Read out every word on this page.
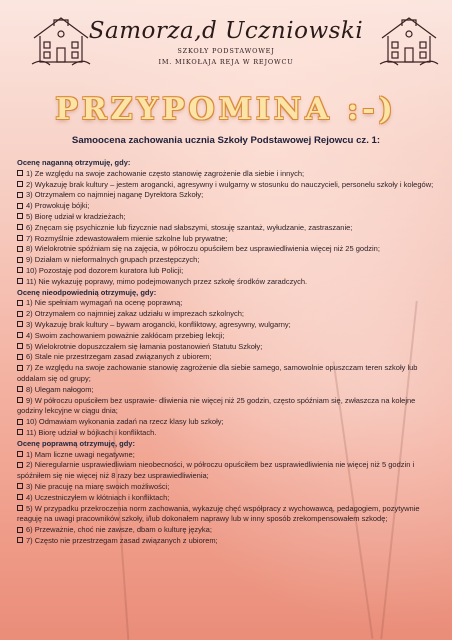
Samorza,d Uczniowski
SZKOŁY PODSTAWOWEJ
IM. MIKOŁAJA REJA W REJOWCU
PRZYPOMINA :-)
Samoocena zachowania ucznia Szkoły Podstawowej Rejowcu cz. 1:
Ocenę naganną otrzymuję, gdy:
1) Ze względu na swoje zachowanie często stanowię zagrożenie dla siebie i innych;
2) Wykazuję brak kultury – jestem arogancki, agresywny i wulgarny w stosunku do nauczycieli, personelu szkoły i kolegów;
3) Otrzymałem co najmniej naganę Dyrektora Szkoły;
4) Prowokuję bójki;
5) Biorę udział w kradzieżach;
6) Znęcam się psychicznie lub fizycznie nad słabszymi, stosuję szantaż, wyłudzanie, zastraszanie;
7) Rozmyślnie zdewastowałem mienie szkolne lub prywatne;
8) Wielokrotnie spóźniam się na zajęcia, w półroczu opuściłem bez usprawiedliwienia więcej niż 25 godzin;
9) Działam w nieformalnych grupach przestępczych;
10) Pozostaję pod dozorem kuratora lub Policji;
11) Nie wykazuję poprawy, mimo podejmowanych przez szkołę środków zaradczych.
Ocenę nieodpowiednią otrzymuję, gdy:
1) Nie spełniam wymagań na ocenę poprawną;
2) Otrzymałem co najmniej zakaz udziału w imprezach szkolnych;
3) Wykazuję brak kultury – bywam arogancki, konfliktowy, agresywny, wulgarny;
4) Swoim zachowaniem poważnie zakłócam przebieg lekcji;
5) Wielokrotnie dopuszczałem się łamania postanowień Statutu Szkoły;
6) Stale nie przestrzegam zasad związanych z ubiorem;
7) Ze względu na swoje zachowanie stanowię zagrożenie dla siebie samego, samowolnie opuszczam teren szkoły lub oddalam się od grupy;
8) Ulegam nałogom;
9) W półroczu opuściłem bez usprawie- dliwienia nie więcej niż 25 godzin, często spóźniam się, zwłaszcza na kolejne godziny lekcyjne w ciągu dnia;
10) Odmawiam wykonania zadań na rzecz klasy lub szkoły;
11) Biorę udział w bójkach i konfliktach.
Ocenę poprawną otrzymuję, gdy:
1) Mam liczne uwagi negatywne;
2) Nieregularnie usprawiedliwiam nieobecności, w półroczu opuściłem bez usprawiedliwienia nie więcej niż 5 godzin i spóźniłem się nie więcej niż 8 razy bez usprawiedliwienia;
3) Nie pracuję na miarę swoich możliwości;
4) Uczestniczyłem w kłótniach i konfliktach;
5) W przypadku przekroczenia norm zachowania, wykazuję chęć współpracy z wychowawcą, pedagogiem, pozytywnie reaguję na uwagi pracowników szkoły, i/lub dokonałem naprawy lub w inny sposób zrekompensowałem szkodę;
6) Przeważnie, choć nie zawsze, dbam o kulturę języka;
7) Często nie przestrzegam zasad związanych z ubiorem;
